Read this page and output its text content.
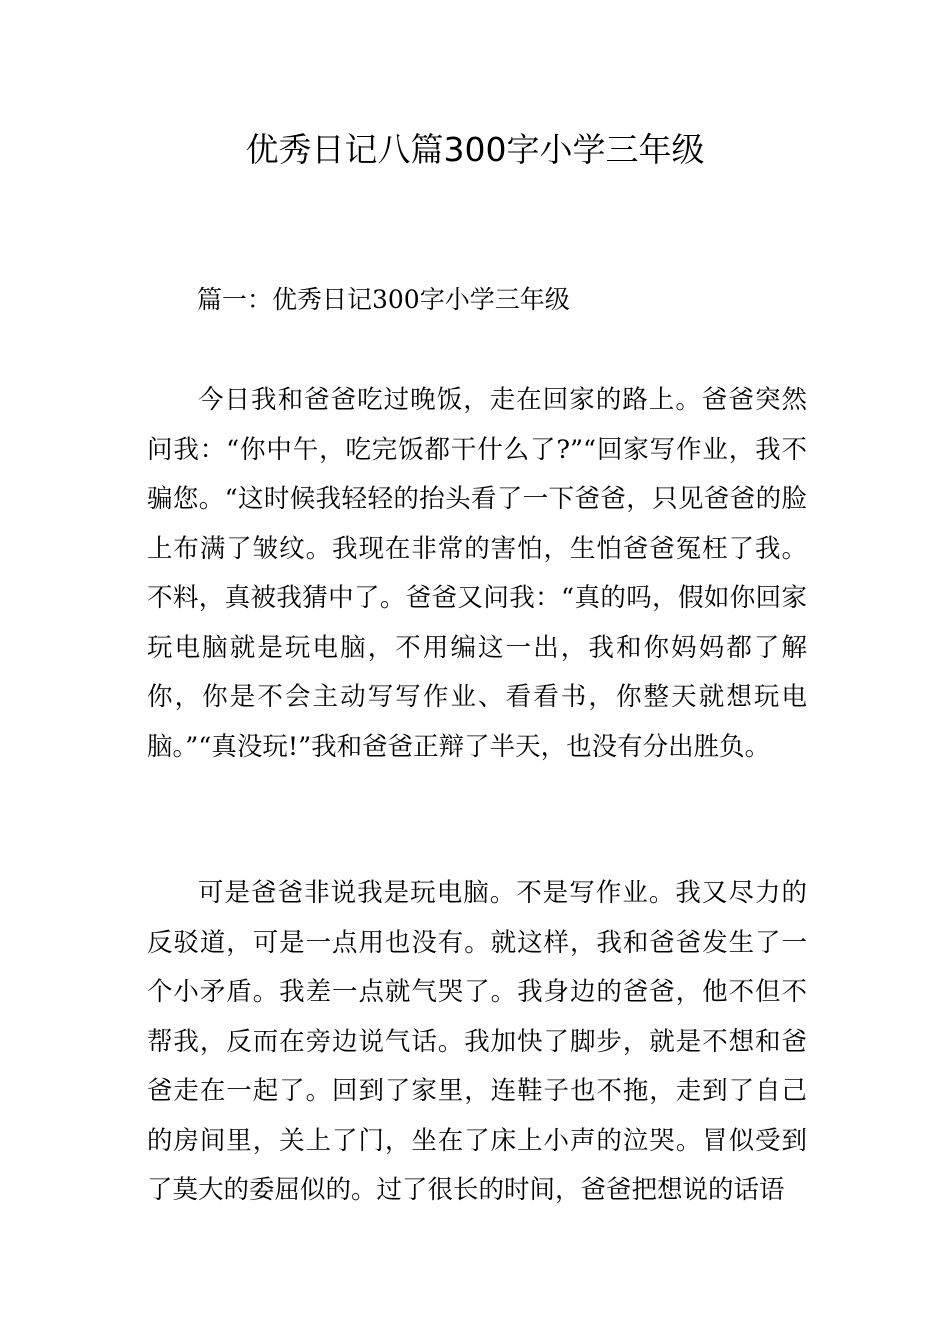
优秀日记八篇300字小学三年级
篇一：优秀日记300字小学三年级

今日我和爸爸吃过晚饭，走在回家的路上。爸爸突然问我：“你中午，吃完饭都干什么了?”“回家写作业，我不骗您。“这时候我轻轻的抬头看了一下爸爸，只见爸爸的脸上布满了皱纹。我现在非常的害怕，生怕爸爸冤枉了我。不料，真被我猜中了。爸爸又问我：“真的吗，假如你回家玩电脑就是玩电脑，不用编这一出，我和你妈妈都了解你，你是不会主动写写作业、看看书，你整天就想玩电脑。”“真没玩!”我和爸爸正辩了半天，也没有分出胜负。

可是爸爸非说我是玩电脑。不是写作业。我又尽力的反驳道，可是一点用也没有。就这样，我和爸爸发生了一个小矛盾。我差一点就气哭了。我身边的爸爸，他不但不帮我，反而在旁边说气话。我加快了脚步，就是不想和爸爸走在一起了。回到了家里，连鞋子也不拖，走到了自己的房间里，关上了门，坐在了床上小声的泣哭。冒似受到了莫大的委屈似的。过了很长的时间，爸爸把想说的话语
